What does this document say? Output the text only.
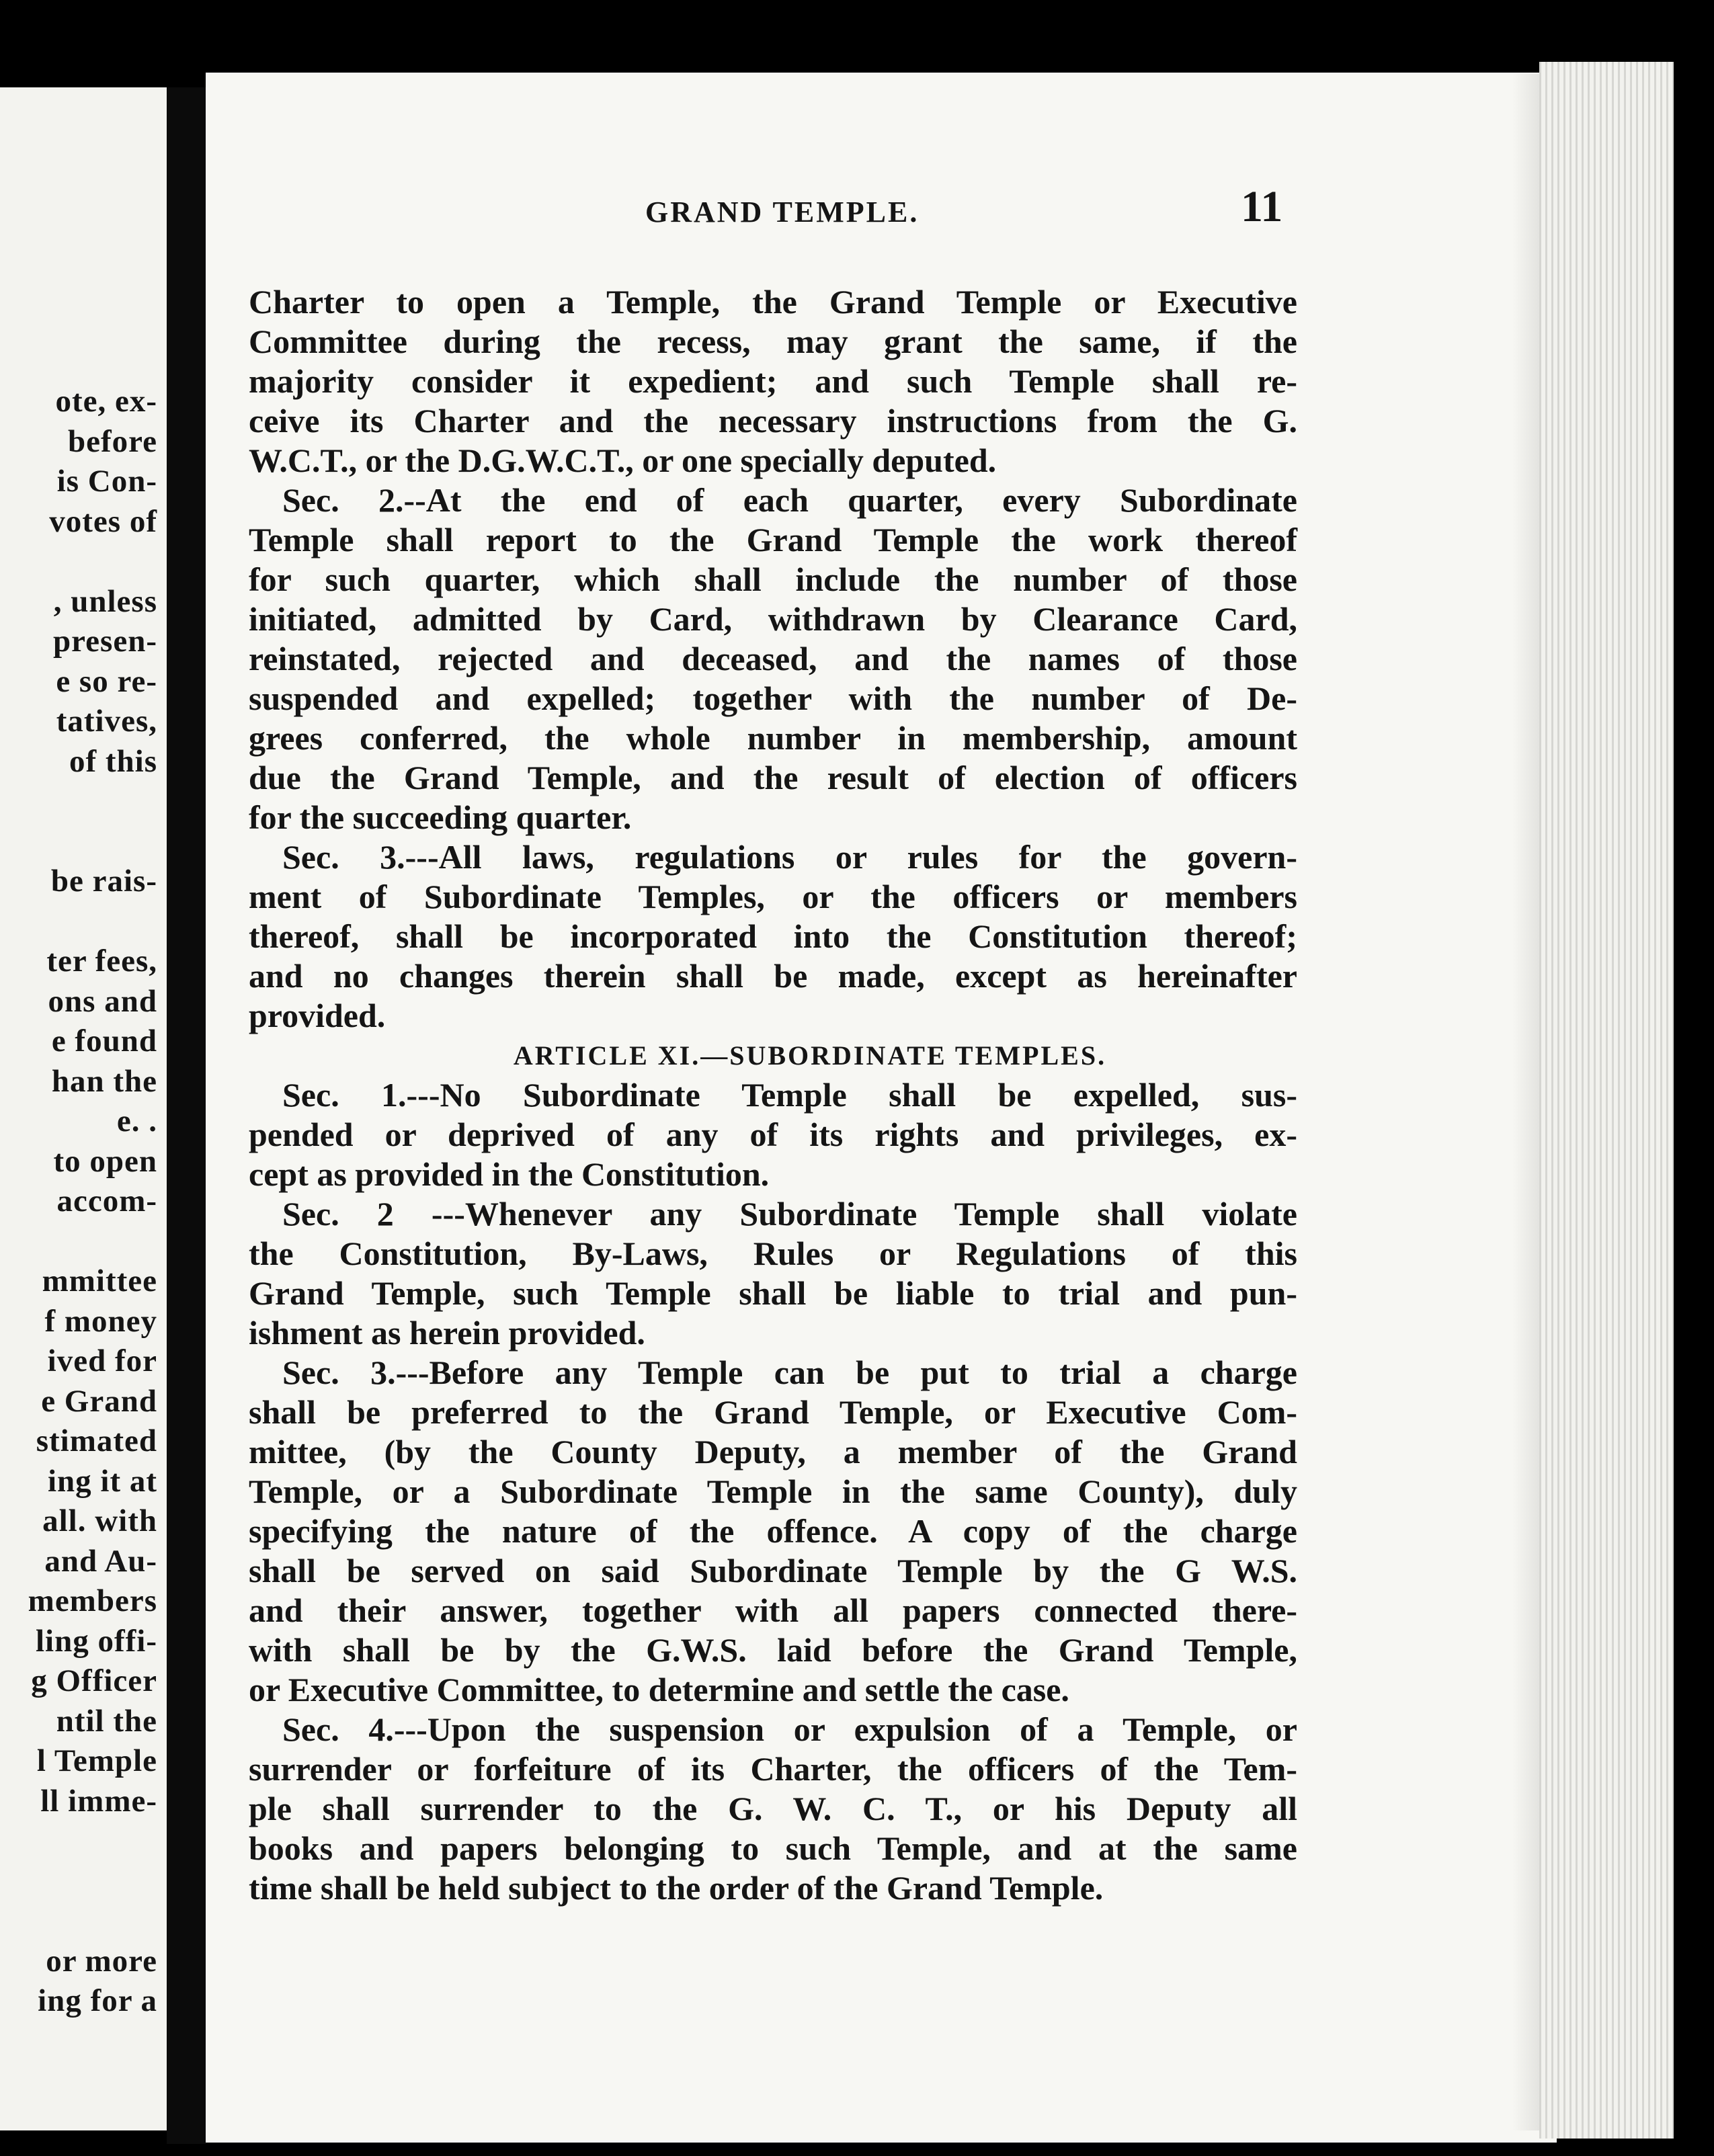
ote, ex-
before
is Con-
votes of
, unless
presen-
e so re-
tatives,
of this
be rais-
ter fees,
ons and
e found
han the
e. .
to open
accom-
mmittee
f money
ived for
e Grand
stimated
ing it at
all. with
and Au-
members
ling offi-
g Officer
ntil the
l Temple
ll imme-
or more
ing for a
GRAND TEMPLE.	11
Charter to open a Temple, the Grand Temple or Executive
Committee during the recess, may grant the same, if the
majority consider it expedient; and such Temple shall re-
ceive its Charter and the necessary instructions from the G.
W.C.T., or the D.G.W.C.T., or one specially deputed.
Sec. 2.--At the end of each quarter, every Subordinate
Temple shall report to the Grand Temple the work thereof
for such quarter, which shall include the number of those
initiated, admitted by Card, withdrawn by Clearance Card,
reinstated, rejected and deceased, and the names of those
suspended and expelled; together with the number of De-
grees conferred, the whole number in membership, amount
due the Grand Temple, and the result of election of officers
for the succeeding quarter.
Sec. 3.---All laws, regulations or rules for the govern-
ment of Subordinate Temples, or the officers or members
thereof, shall be incorporated into the Constitution thereof;
and no changes therein shall be made, except as hereinafter
provided.
ARTICLE XI.—SUBORDINATE TEMPLES.
Sec. 1.---No Subordinate Temple shall be expelled, sus-
pended or deprived of any of its rights and privileges, ex-
cept as provided in the Constitution.
Sec. 2 ---Whenever any Subordinate Temple shall violate
the Constitution, By-Laws, Rules or Regulations of this
Grand Temple, such Temple shall be liable to trial and pun-
ishment as herein provided.
Sec. 3.---Before any Temple can be put to trial a charge
shall be preferred to the Grand Temple, or Executive Com-
mittee, (by the County Deputy, a member of the Grand
Temple, or a Subordinate Temple in the same County), duly
specifying the nature of the offence. A copy of the charge
shall be served on said Subordinate Temple by the G W.S.
and their answer, together with all papers connected there-
with shall be by the G.W.S. laid before the Grand Temple,
or Executive Committee, to determine and settle the case.
Sec. 4.---Upon the suspension or expulsion of a Temple, or
surrender or forfeiture of its Charter, the officers of the Tem-
ple shall surrender to the G. W. C. T., or his Deputy all
books and papers belonging to such Temple, and at the same
time shall be held subject to the order of the Grand Temple.
